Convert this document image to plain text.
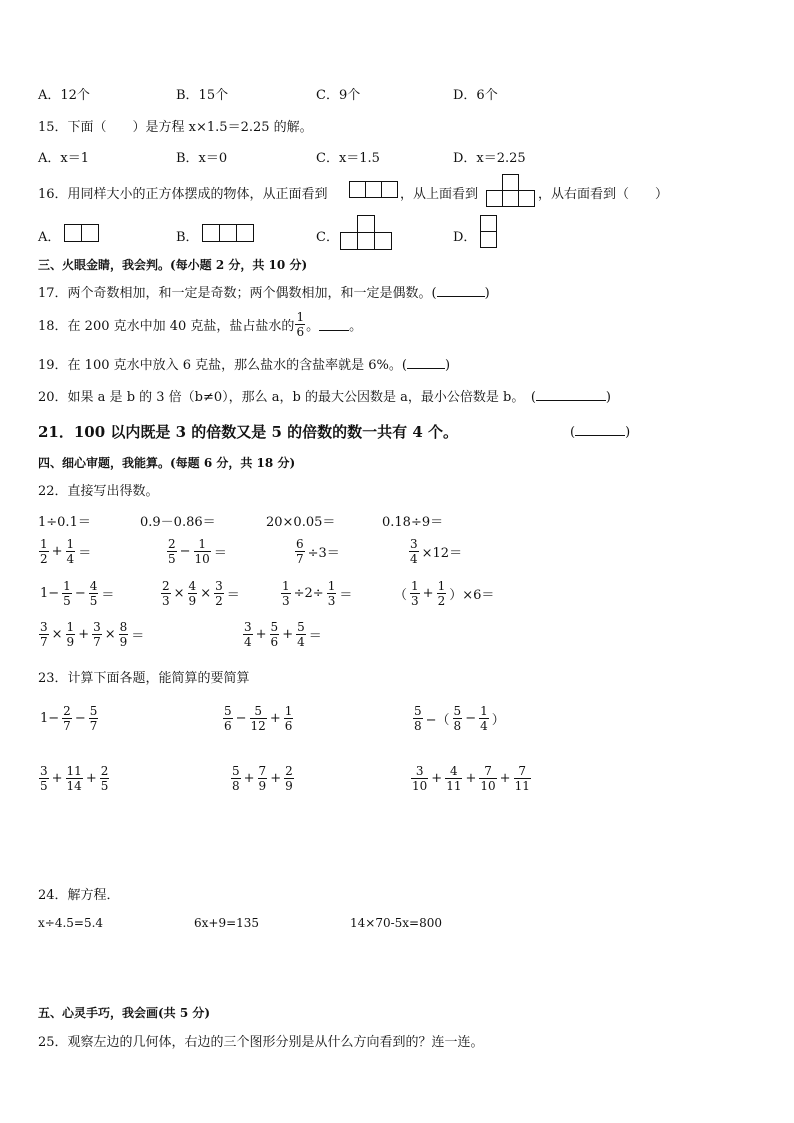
A．12个	B．15个	C．9个	D．6个
15．下面（　　）是方程 x×1.5＝2.25 的解。
A．x＝1	B．x＝0	C．x＝1.5	D．x＝2.25
16．用同样大小的正方体摆成的物体，从正面看到	，从上面看到	，从右面看到（　　）
A．	B．	C．	D．
三、火眼金睛，我会判。(每小题 2 分，共 10 分)
17．两个奇数相加，和一定是奇数；两个偶数相加，和一定是偶数。(	)
18．在 200 克水中加 40 克盐，盐占盐水的 $\frac{1}{6}$ 。 。
19．在 100 克水中放入 6 克盐，那么盐水的含盐率就是 6%。(	)
20．如果 a 是 b 的 3 倍（b≠0），那么 a，b 的最大公因数是 a，最小公倍数是 b。　(	)
21．100 以内既是 3 的倍数又是 5 的倍数的数一共有 4 个。	(	)
四、细心审题，我能算。(每题 6 分，共 18 分)
22．直接写出得数。
1÷0.1＝	0.9－0.86＝	20×0.05＝	0.18÷9＝
$\frac{1}{2} + \frac{1}{4}$ ＝	$\frac{2}{5} - \frac{1}{10}$ ＝	$\frac{6}{7} \div 3=$	$\frac{3}{4} \times 12=$
$1- \frac{1}{5} - \frac{4}{5}$ ＝	$\frac{2}{3} \times \frac{4}{9} \times \frac{3}{2}$ ＝	$\frac{1}{3} \div 2\div \frac{1}{3}$ ＝	（ $\frac{1}{3} + \frac{1}{2} )\times 6=$
$\frac{3}{7} \times \frac{1}{9} + \frac{3}{7} \times \frac{8}{9}$ ＝	$\frac{3}{4} + \frac{5}{6} + \frac{5}{4}$ ＝
23．计算下面各题，能简算的要简算
$1- \frac{2}{7} - \frac{5}{7}$	$\frac{5}{6} - \frac{5}{12} + \frac{1}{6}$	$\frac{5}{8}$ −（ $\frac{5}{8} - \frac{1}{4}$ ）
$\frac{3}{5} + \frac{11}{14} + \frac{2}{5}$	$\frac{5}{8} + \frac{7}{9} + \frac{2}{9}$	$\frac{3}{10} + \frac{4}{11} + \frac{7}{10} + \frac{7}{11}$
24．解方程．
x÷4.5=5.4	6x+9=135	14×70-5x=800
五、心灵手巧，我会画(共 5 分)
25．观察左边的几何体，右边的三个图形分别是从什么方向看到的？连一连。
